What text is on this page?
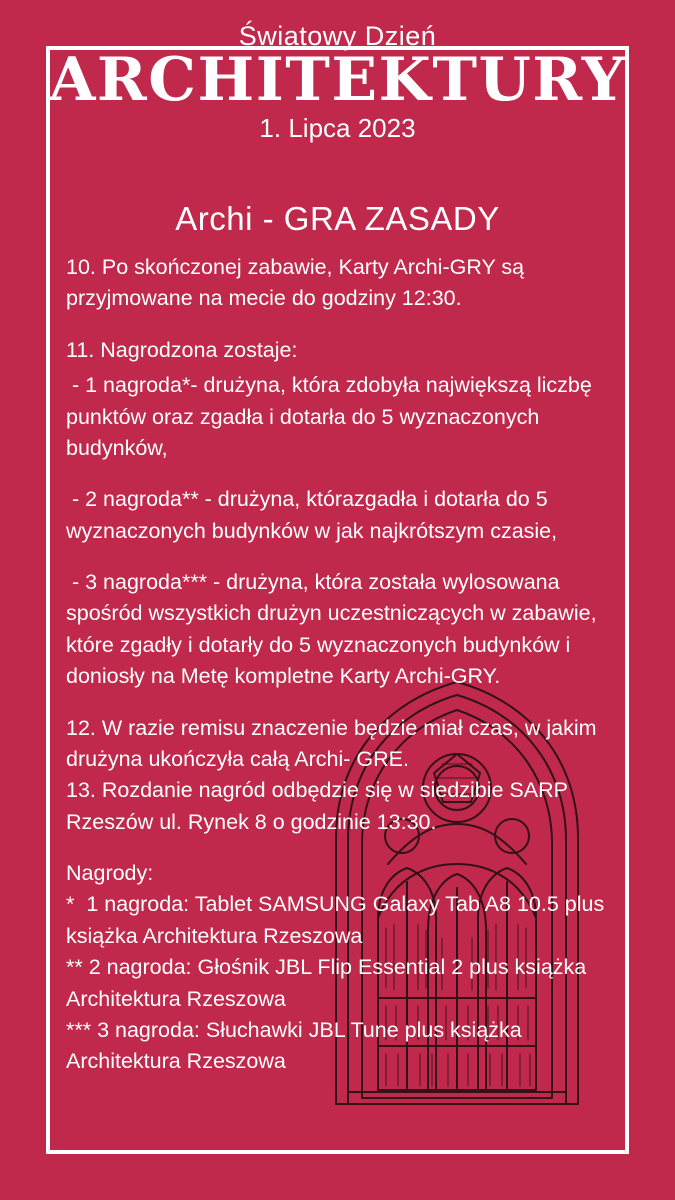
Światowy Dzień
ARCHITEKTURY
1. Lipca 2023
Archi - GRA ZASADY

10. Po skończonej zabawie, Karty Archi-GRY są przyjmowane na mecie do godziny 12:30.

11. Nagrodzona zostaje:

- 1 nagroda*- drużyna, która zdobyła największą liczbę punktów oraz zgadła i dotarła do 5 wyznaczonych budynków,

- 2 nagroda** - drużyna, którazgadła i dotarła do 5 wyznaczonych budynków w jak najkrótszym czasie,

- 3 nagroda*** - drużyna, która została wylosowana spośród wszystkich drużyn uczestniczących w zabawie, które zgadły i dotarły do 5 wyznaczonych budynków i doniosły na Metę kompletne Karty Archi-GRY.

12. W razie remisu znaczenie będzie miał czas, w jakim drużyna ukończyła całą Archi- GRE.

13. Rozdanie nagród odbędzie się w siedzibie SARP Rzeszów ul. Rynek 8 o godzinie 13:30.

Nagrody:

*  1 nagroda: Tablet SAMSUNG Galaxy Tab A8 10.5 plus książka Architektura Rzeszowa

** 2 nagroda: Głośnik JBL Flip Essential 2 plus książka Architektura Rzeszowa

*** 3 nagroda: Słuchawki JBL Tune plus książka Architektura Rzeszowa
